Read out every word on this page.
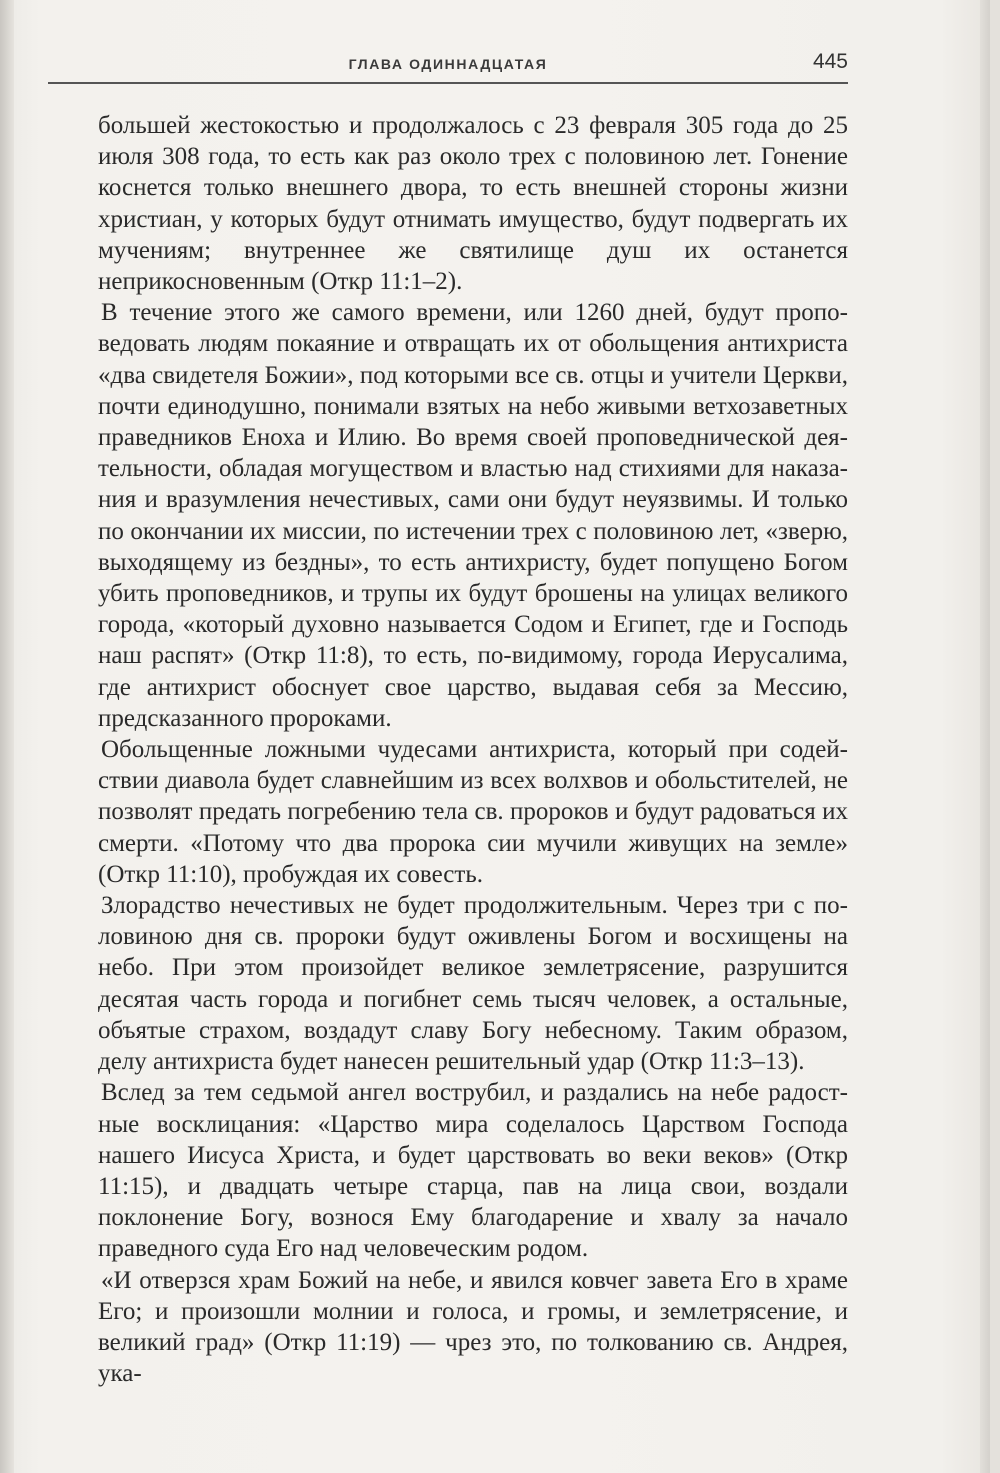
ГЛАВА ОДИННАДЦАТАЯ	445

большей жестокостью и продолжалось с 23 февраля 305 года до 25 июля 308 года, то есть как раз около трех с половиною лет. Гонение коснется только внешнего двора, то есть внешней стороны жизни христиан, у которых будут отнимать имущество, будут подвергать их мучениям; внутреннее же святилище душ их останется неприкосновенным (Откр 11:1–2).

В течение этого же самого времени, или 1260 дней, будут проповедовать людям покаяние и отвращать их от обольщения антихриста «два свидетеля Божии», под которыми все св. отцы и учители Церкви, почти единодушно, понимали взятых на небо живыми ветхозаветных праведников Еноха и Илию. Во время своей проповеднической деятельности, обладая могуществом и властью над стихиями для наказания и вразумления нечестивых, сами они будут неуязвимы. И только по окончании их миссии, по истечении трех с половиною лет, «зверю, выходящему из бездны», то есть антихристу, будет попущено Богом убить проповедников, и трупы их будут брошены на улицах великого города, «который духовно называется Содом и Египет, где и Господь наш распят» (Откр 11:8), то есть, по-видимому, города Иерусалима, где антихрист обоснует свое царство, выдавая себя за Мессию, предсказанного пророками.

Обольщенные ложными чудесами антихриста, который при содействии диавола будет славнейшим из всех волхвов и обольстителей, не позволят предать погребению тела св. пророков и будут радоваться их смерти. «Потому что два пророка сии мучили живущих на земле» (Откр 11:10), пробуждая их совесть.

Злорадство нечестивых не будет продолжительным. Через три с половиною дня св. пророки будут оживлены Богом и восхищены на небо. При этом произойдет великое землетрясение, разрушится десятая часть города и погибнет семь тысяч человек, а остальные, объятые страхом, воздадут славу Богу небесному. Таким образом, делу антихриста будет нанесен решительный удар (Откр 11:3–13).

Вслед за тем седьмой ангел вострубил, и раздались на небе радостные восклицания: «Царство мира соделалось Царством Господа нашего Иисуса Христа, и будет царствовать во веки веков» (Откр 11:15), и двадцать четыре старца, пав на лица свои, воздали поклонение Богу, вознося Ему благодарение и хвалу за начало праведного суда Его над человеческим родом.

«И отверзся храм Божий на небе, и явился ковчег завета Его в храме Его; и произошли молнии и голоса, и громы, и землетрясение, и великий град» (Откр 11:19) — чрез это, по толкованию св. Андрея, ука-
